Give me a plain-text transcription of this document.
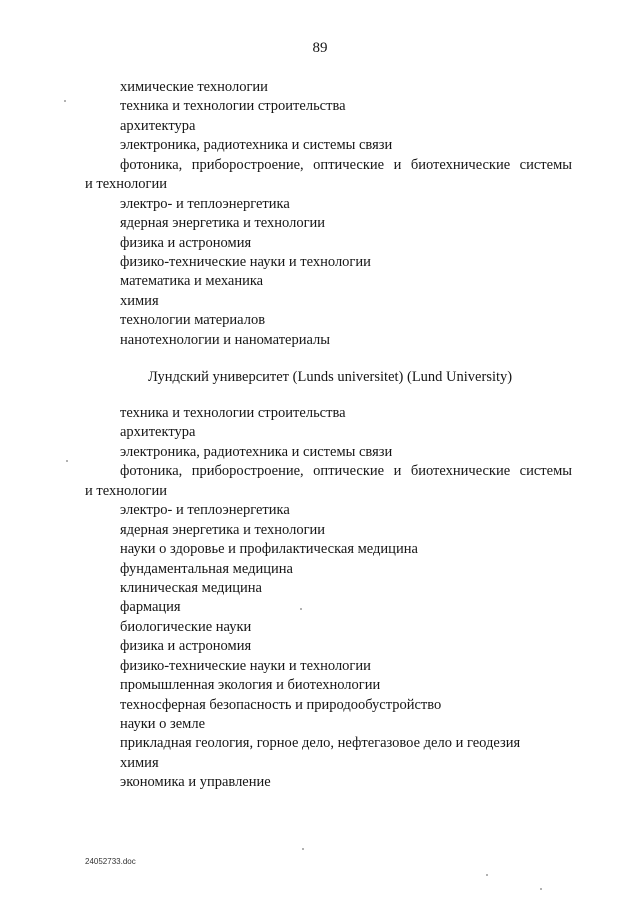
89
химические технологии
техника и технологии строительства
архитектура
электроника, радиотехника и системы связи
фотоника, приборостроение, оптические и биотехнические системы
и технологии
электро- и теплоэнергетика
ядерная энергетика и технологии
физика и астрономия
физико-технические науки и технологии
математика и механика
химия
технологии материалов
нанотехнологии и наноматериалы
Лундский университет (Lunds universitet) (Lund University)
техника и технологии строительства
архитектура
электроника, радиотехника и системы связи
фотоника, приборостроение, оптические и биотехнические системы
и технологии
электро- и теплоэнергетика
ядерная энергетика и технологии
науки о здоровье и профилактическая медицина
фундаментальная медицина
клиническая медицина
фармация
биологические науки
физика и астрономия
физико-технические науки и технологии
промышленная экология и биотехнологии
техносферная безопасность и природообустройство
науки о земле
прикладная геология, горное дело, нефтегазовое дело и геодезия
химия
экономика и управление
24052733.doc
